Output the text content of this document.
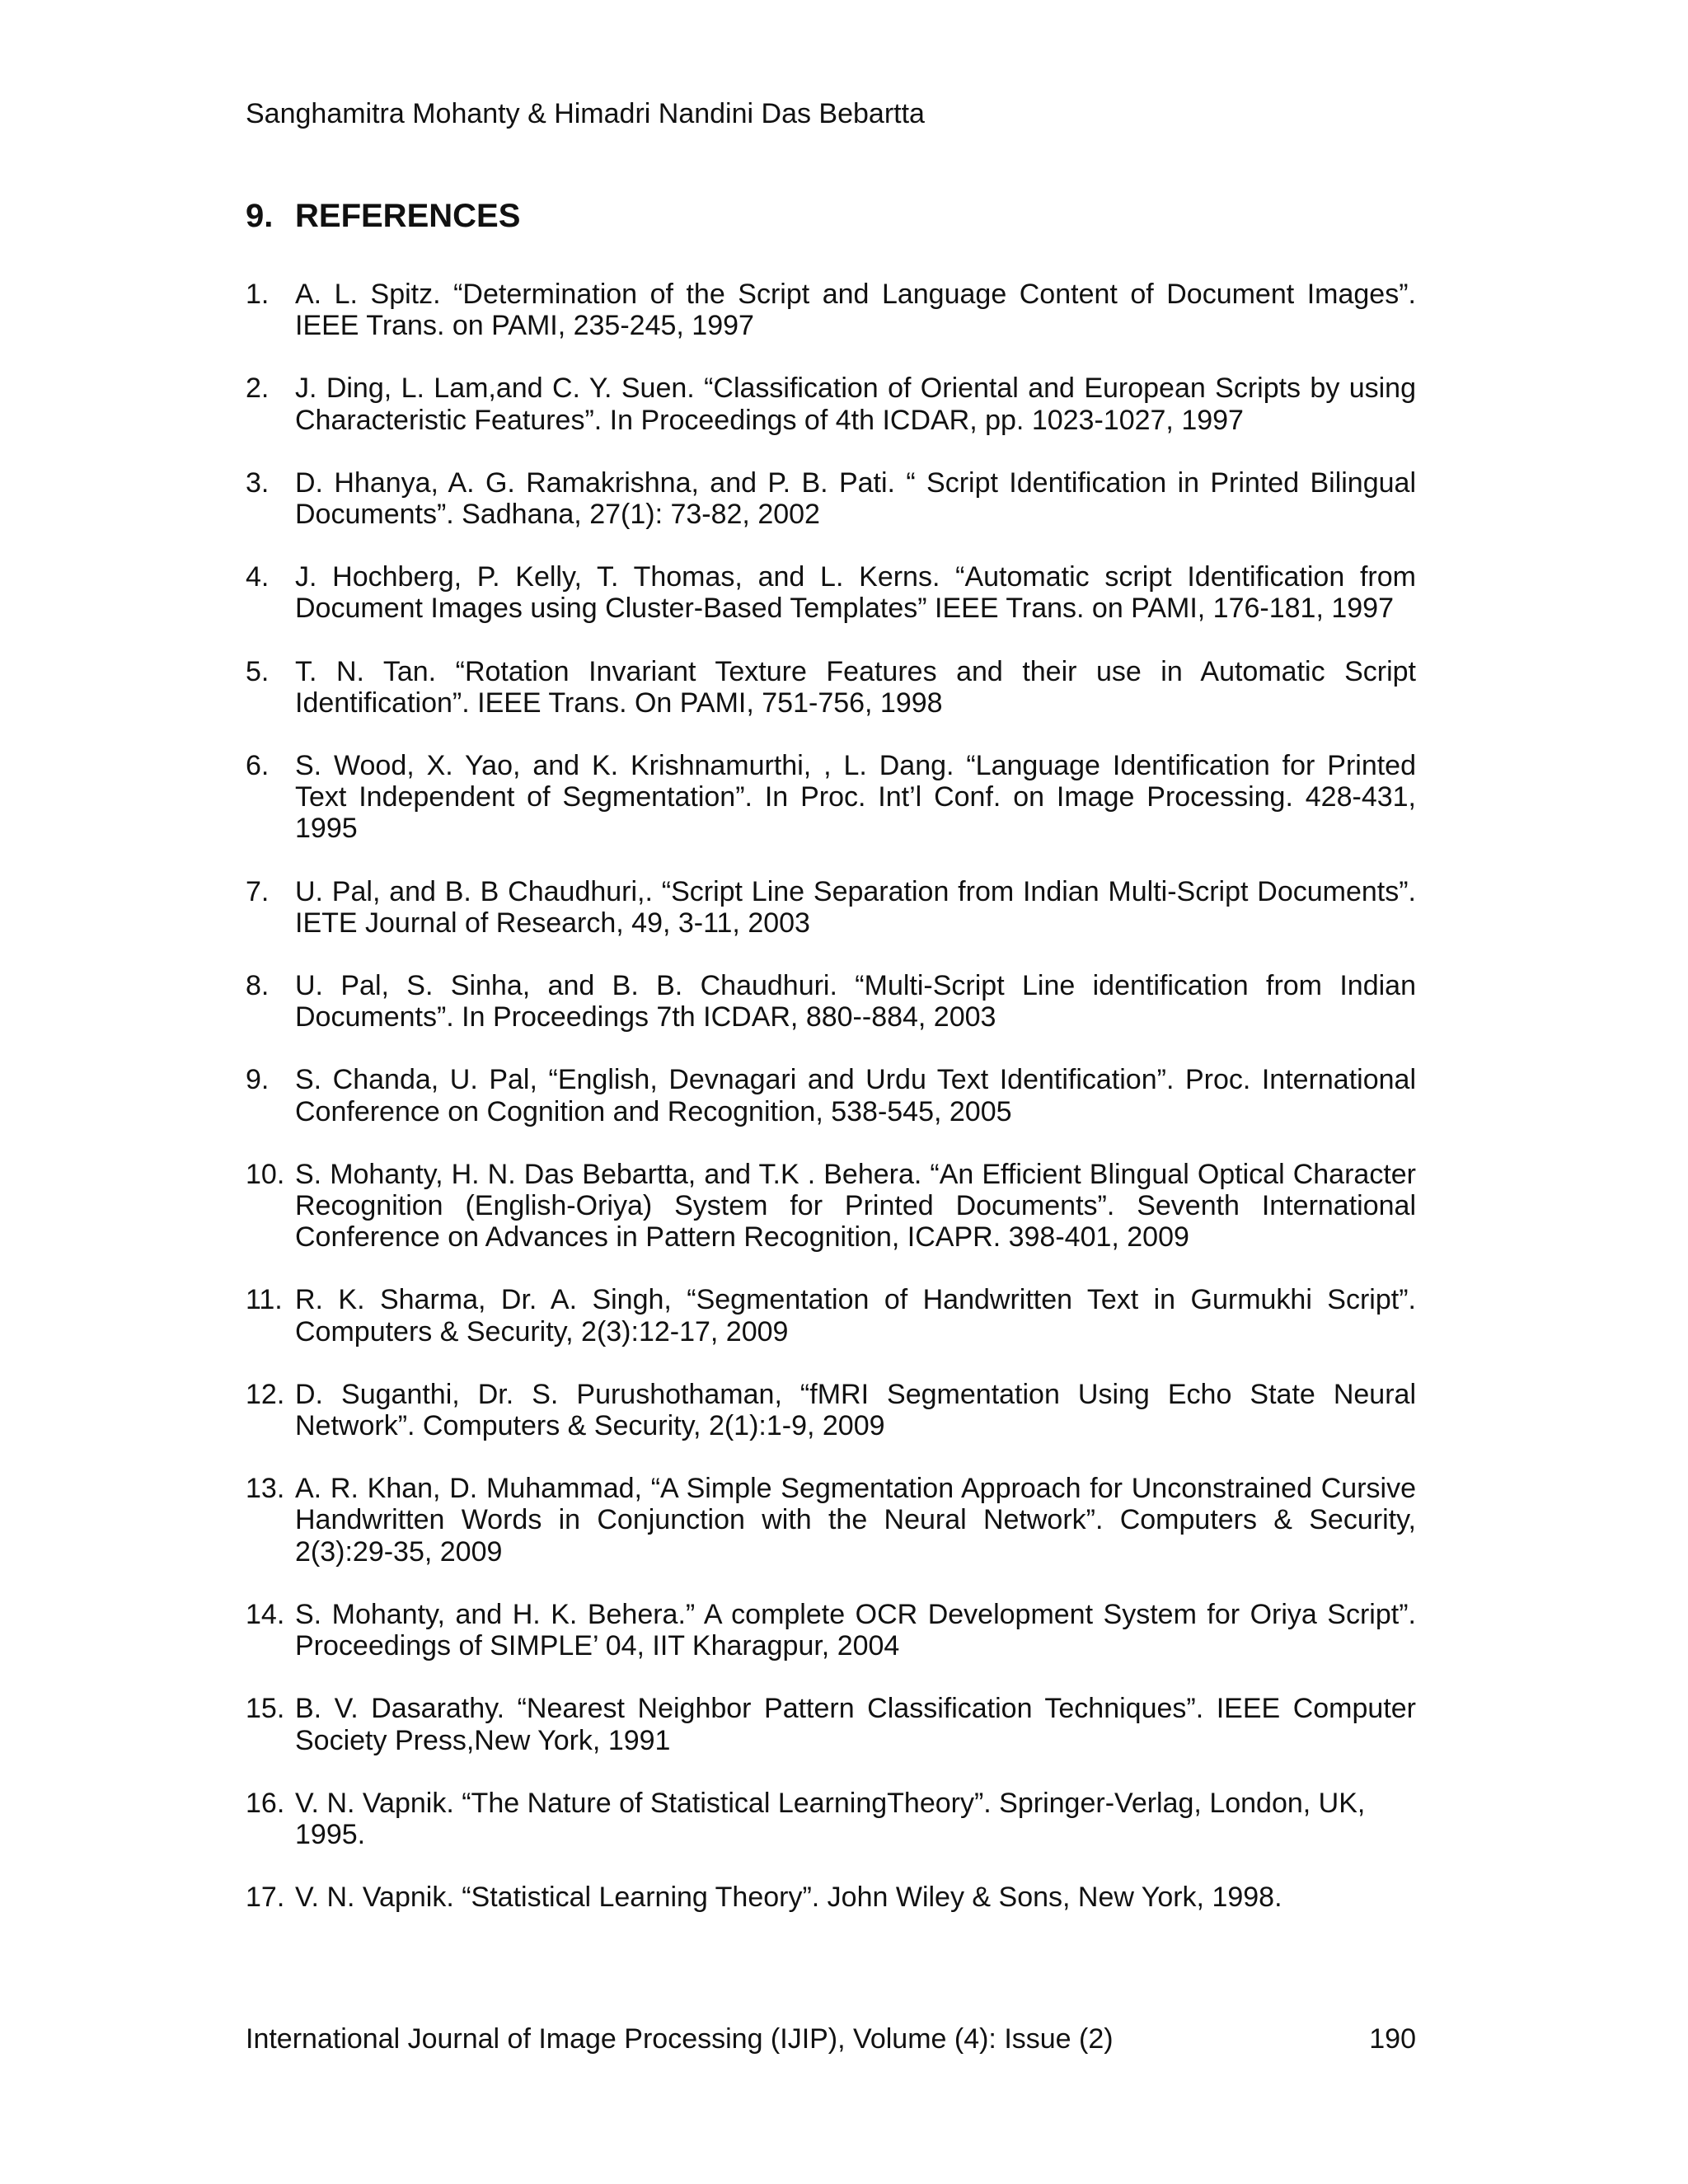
Sanghamitra Mohanty & Himadri Nandini Das Bebartta
9. REFERENCES
1. A. L. Spitz. “Determination of the Script and Language Content of Document Images”. IEEE Trans. on PAMI, 235-245, 1997
2. J. Ding, L. Lam,and C. Y. Suen. “Classification of Oriental and European Scripts by using Characteristic Features”. In Proceedings of 4th ICDAR, pp. 1023-1027, 1997
3. D. Hhanya, A. G. Ramakrishna, and P. B. Pati. “ Script Identification in Printed Bilingual Documents”. Sadhana, 27(1): 73-82, 2002
4. J. Hochberg, P. Kelly, T. Thomas, and L. Kerns. “Automatic script Identification from Document Images using Cluster-Based Templates” IEEE Trans. on PAMI, 176-181, 1997
5. T. N. Tan. “Rotation Invariant Texture Features and their use in Automatic Script Identification”. IEEE Trans. On PAMI, 751-756, 1998
6. S. Wood, X. Yao, and K. Krishnamurthi, , L. Dang. “Language Identification for Printed Text Independent of Segmentation”. In Proc. Int’l Conf. on Image Processing. 428-431, 1995
7. U. Pal, and B. B Chaudhuri,. “Script Line Separation from Indian Multi-Script Documents”. IETE Journal of Research, 49, 3-11, 2003
8. U. Pal, S. Sinha, and B. B. Chaudhuri. “Multi-Script Line identification from Indian Documents”. In Proceedings 7th ICDAR, 880--884, 2003
9. S. Chanda, U. Pal, “English, Devnagari and Urdu Text Identification”. Proc. International Conference on Cognition and Recognition, 538-545, 2005
10. S. Mohanty, H. N. Das Bebartta, and T.K . Behera. “An Efficient Blingual Optical Character Recognition (English-Oriya) System for Printed Documents”. Seventh International Conference on Advances in Pattern Recognition, ICAPR. 398-401, 2009
11. R. K. Sharma, Dr. A. Singh, “Segmentation of Handwritten Text in Gurmukhi Script”. Computers & Security, 2(3):12-17, 2009
12. D. Suganthi, Dr. S. Purushothaman, “fMRI Segmentation Using Echo State Neural Network”. Computers & Security, 2(1):1-9, 2009
13. A. R. Khan, D. Muhammad, “A Simple Segmentation Approach for Unconstrained Cursive Handwritten Words in Conjunction with the Neural Network”. Computers & Security, 2(3):29-35, 2009
14. S. Mohanty, and H. K. Behera.” A complete OCR Development System for Oriya Script”. Proceedings of SIMPLE’ 04, IIT Kharagpur, 2004
15. B. V. Dasarathy. “Nearest Neighbor Pattern Classification Techniques”. IEEE Computer Society Press,New York, 1991
16. V. N. Vapnik. “The Nature of Statistical LearningTheory”. Springer-Verlag, London, UK, 1995.
17. V. N. Vapnik. “Statistical Learning Theory”. John Wiley & Sons, New York, 1998.
International Journal of Image Processing (IJIP), Volume (4): Issue (2)	190
